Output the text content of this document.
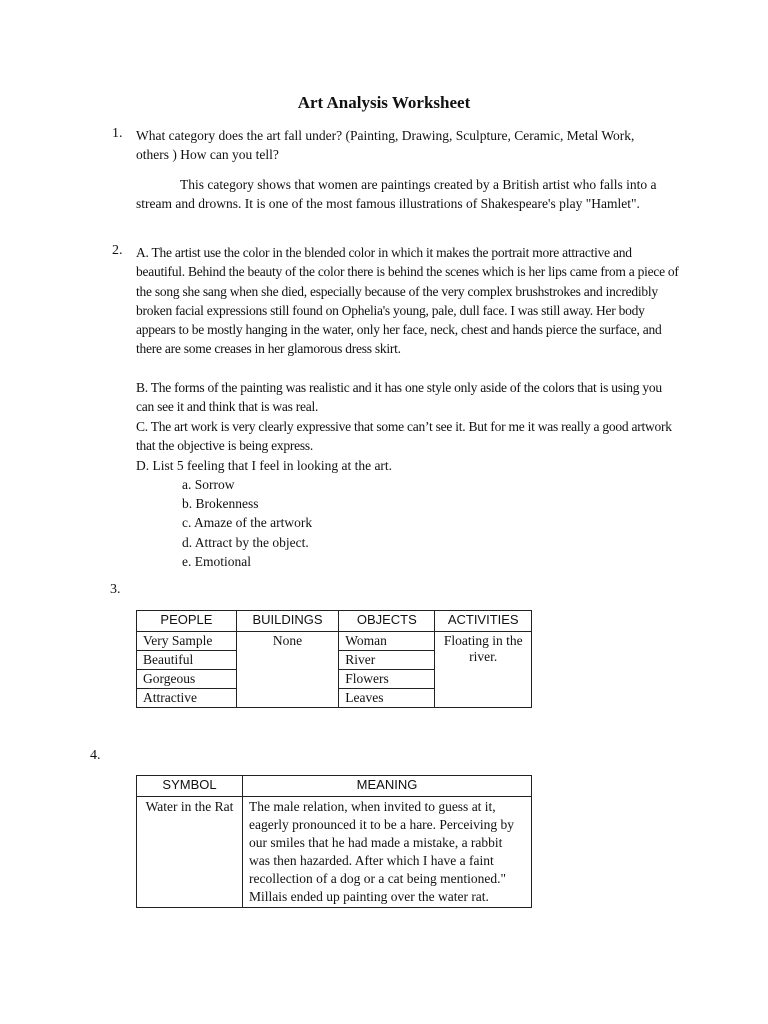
Art Analysis Worksheet
1. What category does the art fall under? (Painting, Drawing, Sculpture, Ceramic, Metal Work, others ) How can you tell?
This category shows that women are paintings created by a British artist who falls into a stream and drowns. It is one of the most famous illustrations of Shakespeare's play "Hamlet".
2. A. The artist use the color in the blended color in which it makes the portrait more attractive and beautiful. Behind the beauty of the color there is behind the scenes which is her lips came from a piece of the song she sang when she died, especially because of the very complex brushstrokes and incredibly broken facial expressions still found on Ophelia's young, pale, dull face. I was still away. Her body appears to be mostly hanging in the water, only her face, neck, chest and hands pierce the surface, and there are some creases in her glamorous dress skirt.
B. The forms of the painting was realistic and it has one style only aside of the colors that is using you can see it and think that is was real.
C. The art work is very clearly expressive that some can’t see it. But for me it was really a good artwork that the objective is being express.
D. List 5 feeling that I feel in looking at the art.
a. Sorrow
b. Brokenness
c. Amaze of the artwork
d. Attract by the object.
e. Emotional
3.
PEOPLE	BUILDINGS	OBJECTS	ACTIVITIES
Very Sample	None	Woman	Floating in the river.
Beautiful		River	
Gorgeous		Flowers	
Attractive		Leaves	
4.
SYMBOL	MEANING
Water in the Rat	The male relation, when invited to guess at it, eagerly pronounced it to be a hare. Perceiving by our smiles that he had made a mistake, a rabbit was then hazarded. After which I have a faint recollection of a dog or a cat being mentioned." Millais ended up painting over the water rat.
